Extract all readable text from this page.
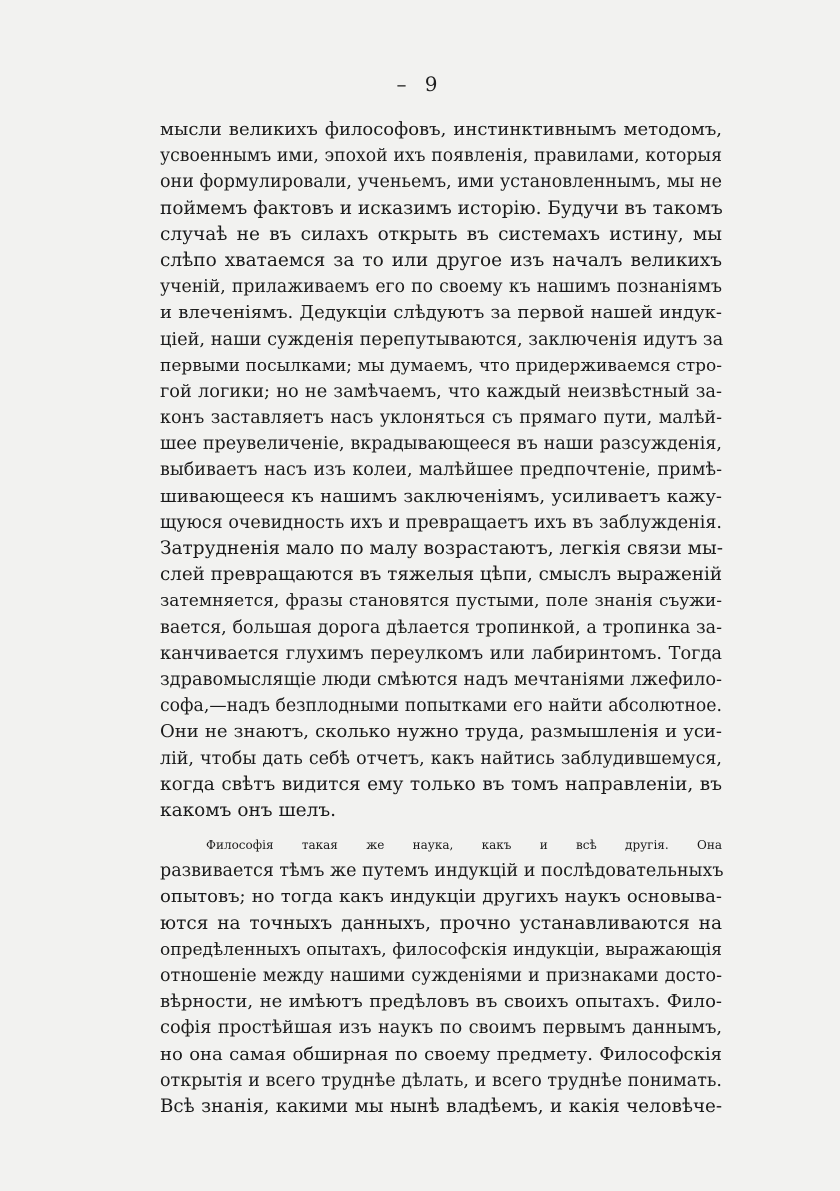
– 9
мысли великихъ философовъ, инстинктивнымъ методомъ,
усвоеннымъ ими, эпохой ихъ появленія, правилами, которыя
они формулировали, ученьемъ, ими установленнымъ, мы не
поймемъ фактовъ и исказимъ исторію. Будучи въ такомъ
случаѣ не въ силахъ открыть въ системахъ истину, мы
слѣпо хватаемся за то или другое изъ началъ великихъ
ученій, прилаживаемъ его по своему къ нашимъ познаніямъ
и влеченіямъ. Дедукціи слѣдуютъ за первой нашей индук-
ціей, наши сужденія перепутываются, заключенія идутъ за
первыми посылками; мы думаемъ, что придерживаемся стро-
гой логики; но не замѣчаемъ, что каждый неизвѣстный за-
конъ заставляетъ насъ уклоняться съ прямаго пути, малѣй-
шее преувеличеніе, вкрадывающееся въ наши разсужденія,
выбиваетъ насъ изъ колеи, малѣйшее предпочтеніе, примѣ-
шивающееся къ нашимъ заключеніямъ, усиливаетъ кажу-
щуюся очевидность ихъ и превращаетъ ихъ въ заблужденія.
Затрудненія мало по малу возрастаютъ, легкія связи мы-
слей превращаются въ тяжелыя цѣпи, смыслъ выраженій
затемняется, фразы становятся пустыми, поле знанія съужи-
вается, большая дорога дѣлается тропинкой, а тропинка за-
канчивается глухимъ переулкомъ или лабиринтомъ. Тогда
здравомыслящіе люди смѣются надъ мечтаніями лжефило-
софа,—надъ безплодными попытками его найти абсолютное.
Они не знаютъ, сколько нужно труда, размышленія и уси-
лій, чтобы дать себѣ отчетъ, какъ найтись заблудившемуся,
когда свѣтъ видится ему только въ томъ направленіи, въ
какомъ онъ шелъ.
Философія такая же наука, какъ и всѣ другія. Она
развивается тѣмъ же путемъ индукцій и послѣдовательныхъ
опытовъ; но тогда какъ индукціи другихъ наукъ основыва-
ются на точныхъ данныхъ, прочно устанавливаются на
опредѣленныхъ опытахъ, философскія индукціи, выражающія
отношеніе между нашими сужденіями и признаками досто-
вѣрности, не имѣютъ предѣловъ въ своихъ опытахъ. Фило-
софія простѣйшая изъ наукъ по своимъ первымъ даннымъ,
но она самая обширная по своему предмету. Философскія
открытія и всего труднѣе дѣлать, и всего труднѣе понимать.
Всѣ знанія, какими мы нынѣ владѣемъ, и какія человѣче-
